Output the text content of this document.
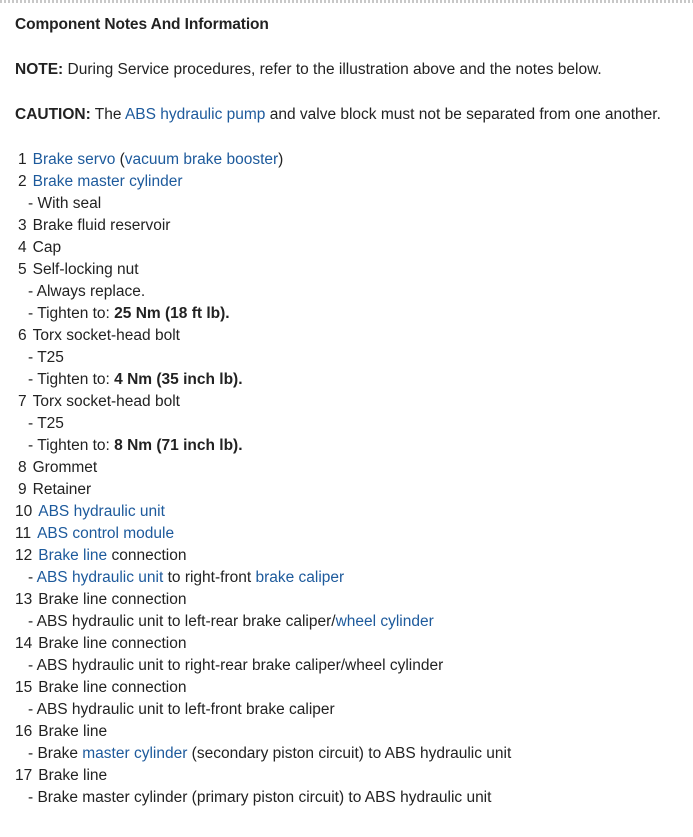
Component Notes And Information

NOTE: During Service procedures, refer to the illustration above and the notes below.

CAUTION: The ABS hydraulic pump and valve block must not be separated from one another.

1 Brake servo (vacuum brake booster)
2 Brake master cylinder
- With seal
3 Brake fluid reservoir
4 Cap
5 Self-locking nut
- Always replace.
- Tighten to: 25 Nm (18 ft lb).
6 Torx socket-head bolt
- T25
- Tighten to: 4 Nm (35 inch lb).
7 Torx socket-head bolt
- T25
- Tighten to: 8 Nm (71 inch lb).
8 Grommet
9 Retainer
10 ABS hydraulic unit
11 ABS control module
12 Brake line connection
- ABS hydraulic unit to right-front brake caliper
13 Brake line connection
- ABS hydraulic unit to left-rear brake caliper/wheel cylinder
14 Brake line connection
- ABS hydraulic unit to right-rear brake caliper/wheel cylinder
15 Brake line connection
- ABS hydraulic unit to left-front brake caliper
16 Brake line
- Brake master cylinder (secondary piston circuit) to ABS hydraulic unit
17 Brake line
- Brake master cylinder (primary piston circuit) to ABS hydraulic unit
